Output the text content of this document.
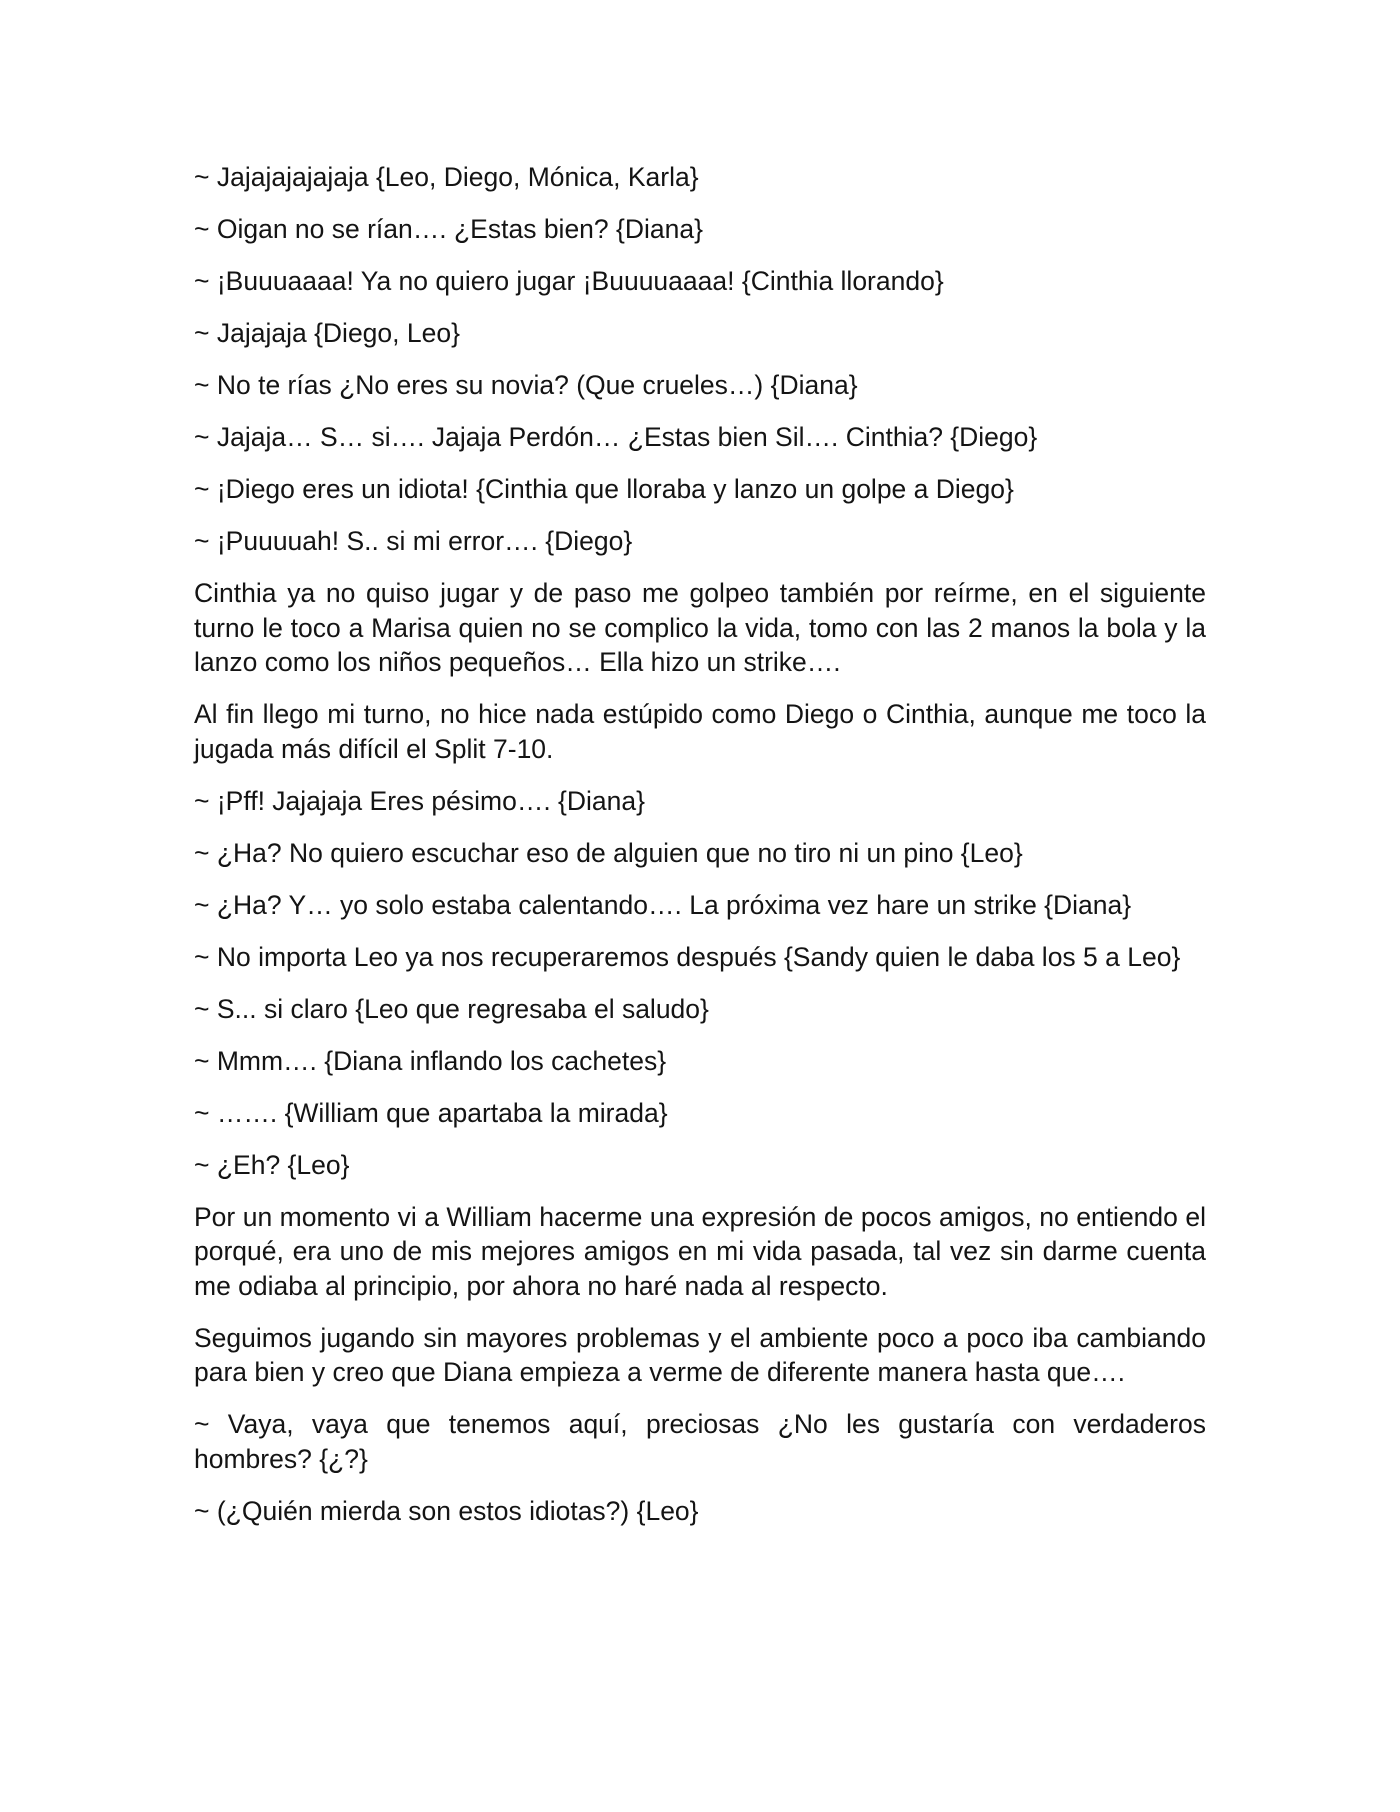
~ Jajajajajajaja {Leo, Diego, Mónica, Karla}

~ Oigan no se rían…. ¿Estas bien? {Diana}

~ ¡Buuuaaaa! Ya no quiero jugar ¡Buuuuaaaa! {Cinthia llorando}

~ Jajajaja {Diego, Leo}

~ No te rías ¿No eres su novia? (Que crueles…) {Diana}

~ Jajaja… S… si…. Jajaja Perdón… ¿Estas bien Sil…. Cinthia? {Diego}

~ ¡Diego eres un idiota! {Cinthia que lloraba y lanzo un golpe a Diego}

~ ¡Puuuuah! S.. si mi error…. {Diego}

Cinthia ya no quiso jugar y de paso me golpeo también por reírme, en el siguiente turno le toco a Marisa quien no se complico la vida, tomo con las 2 manos la bola y la lanzo como los niños pequeños… Ella hizo un strike….

Al fin llego mi turno, no hice nada estúpido como Diego o Cinthia, aunque me toco la jugada más difícil el Split 7-10.

~ ¡Pff! Jajajaja Eres pésimo…. {Diana}

~ ¿Ha? No quiero escuchar eso de alguien que no tiro ni un pino {Leo}

~ ¿Ha? Y… yo solo estaba calentando…. La próxima vez hare un strike {Diana}

~ No importa Leo ya nos recuperaremos después {Sandy quien le daba los 5 a Leo}

~ S... si claro {Leo que regresaba el saludo}

~ Mmm…. {Diana inflando los cachetes}

~ ……. {William que apartaba la mirada}

~ ¿Eh? {Leo}

Por un momento vi a William hacerme una expresión de pocos amigos, no entiendo el porqué, era uno de mis mejores amigos en mi vida pasada, tal vez sin darme cuenta me odiaba al principio, por ahora no haré nada al respecto.

Seguimos jugando sin mayores problemas y el ambiente poco a poco iba cambiando para bien y creo que Diana empieza a verme de diferente manera hasta que….

~ Vaya, vaya que tenemos aquí, preciosas ¿No les gustaría con verdaderos hombres? {¿?}

~ (¿Quién mierda son estos idiotas?) {Leo}
